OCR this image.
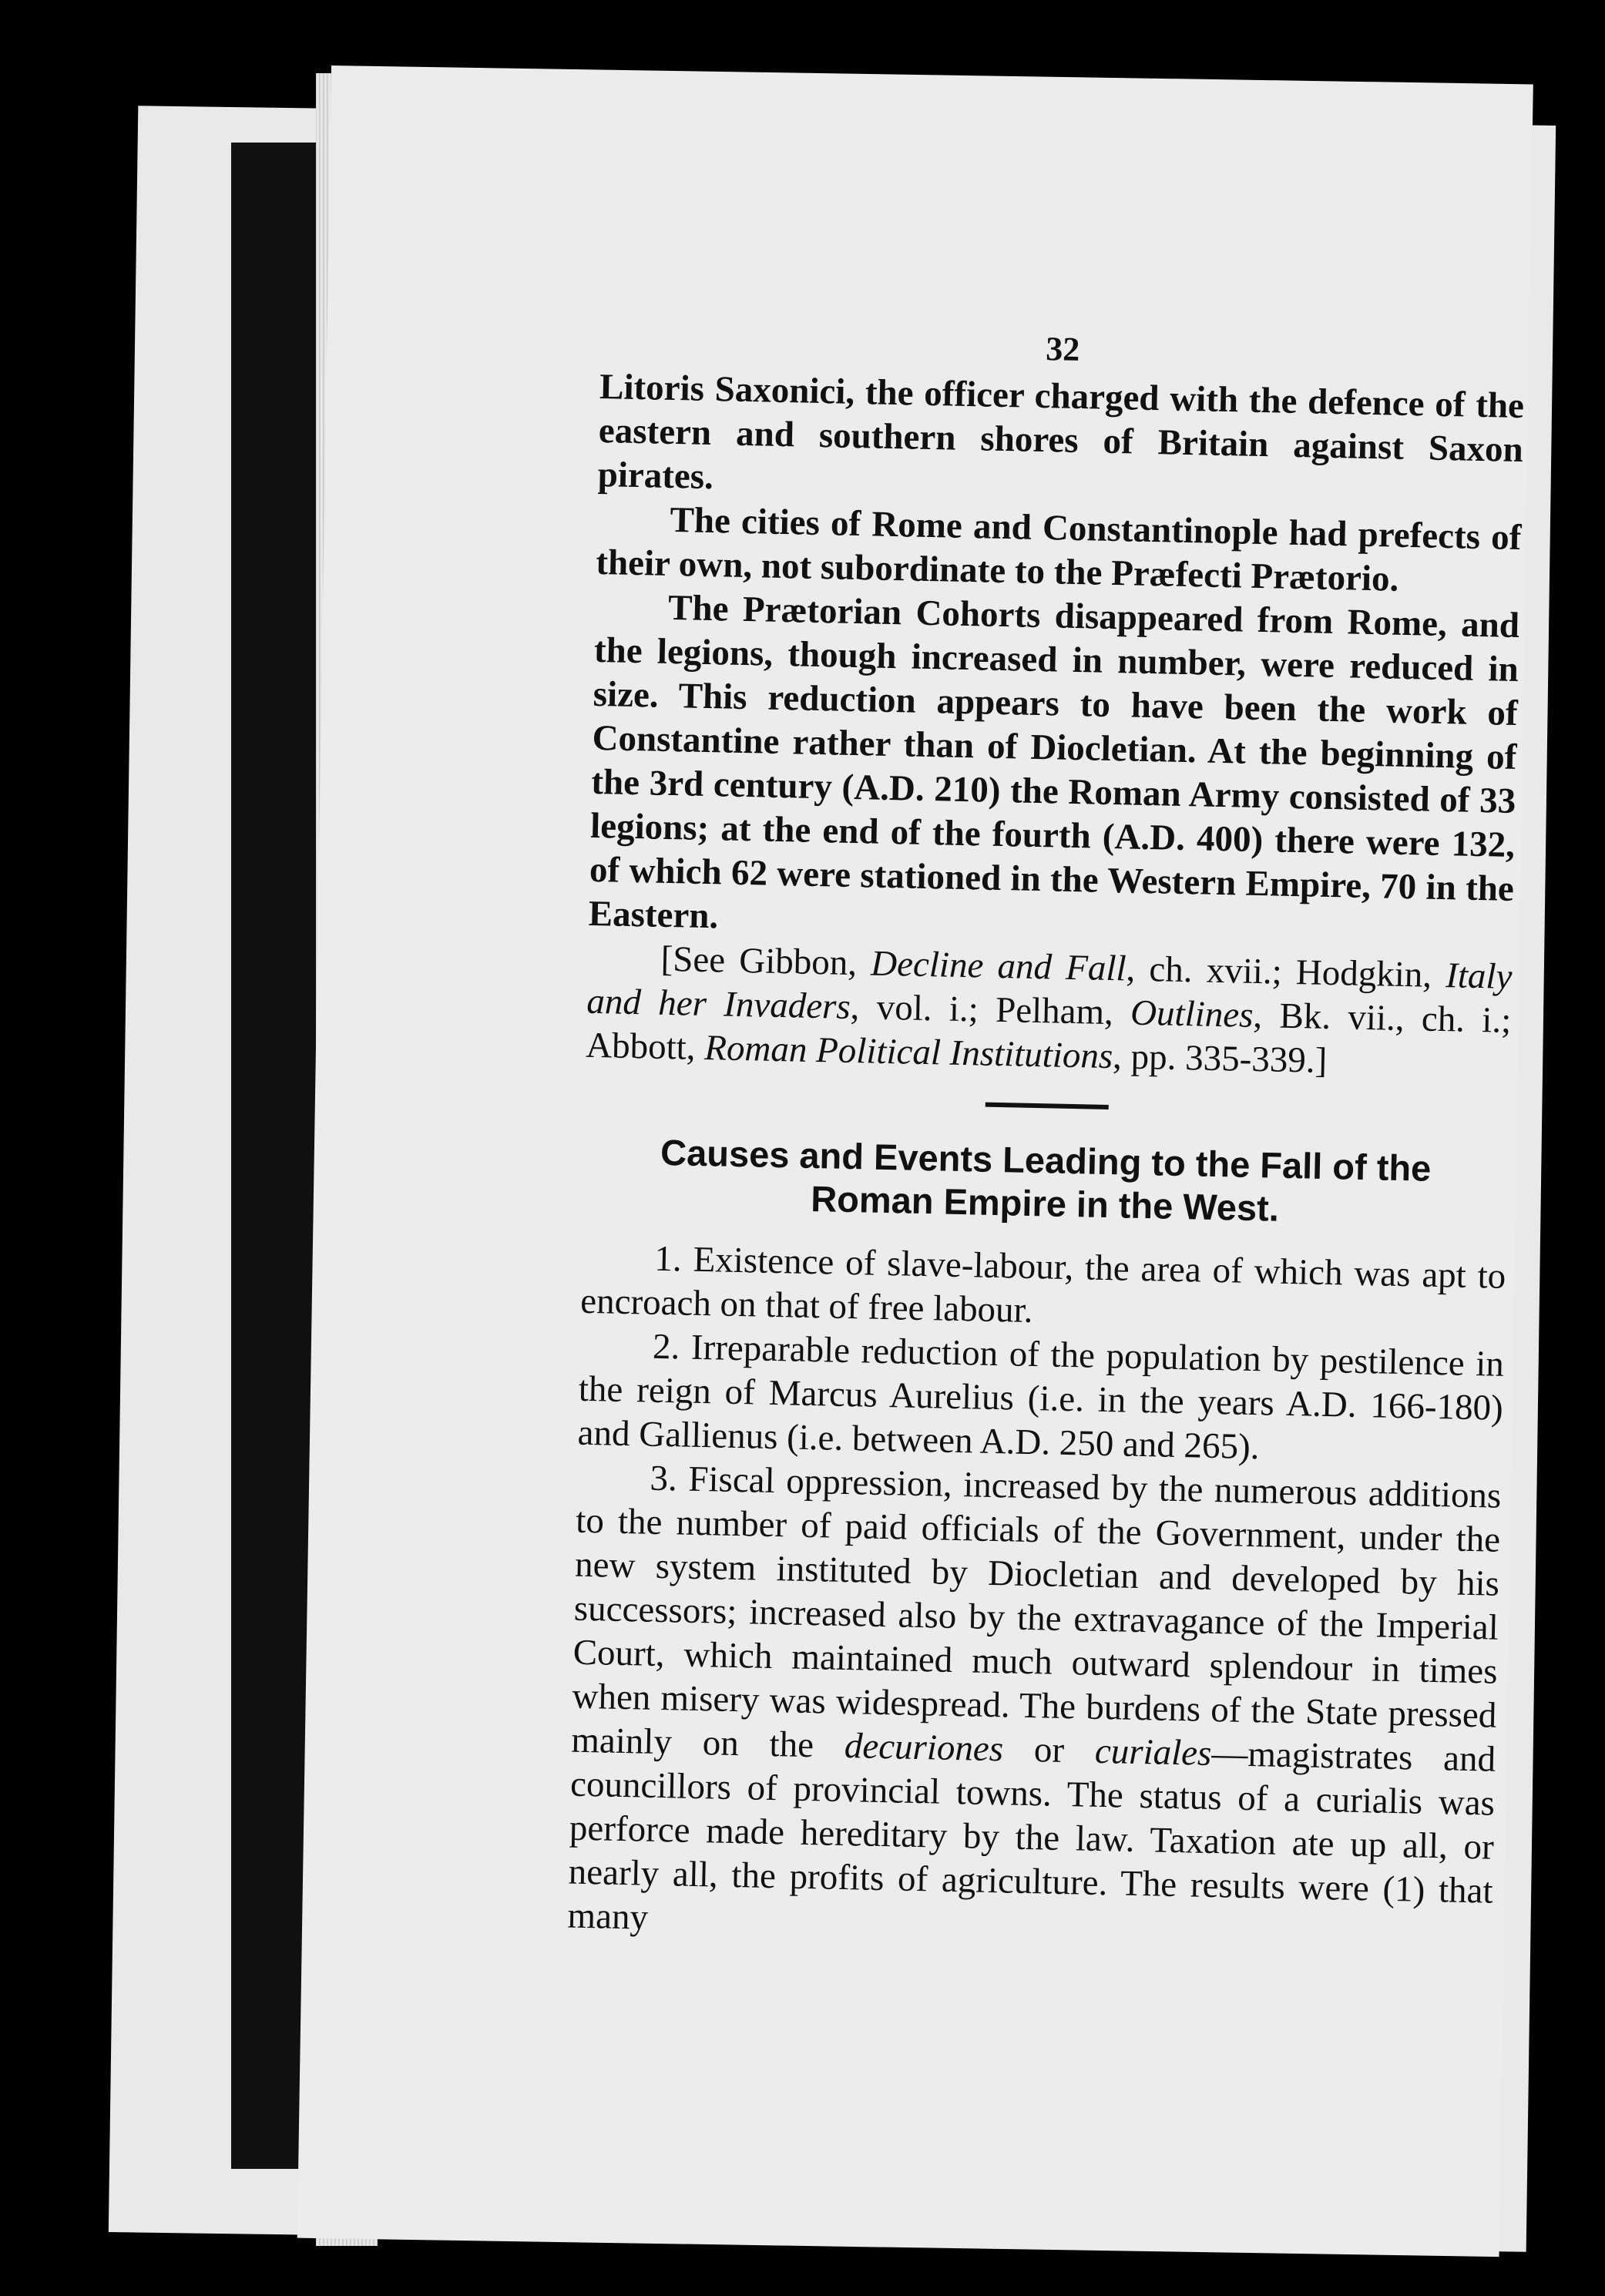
32

Litoris Saxonici, the officer charged with the defence of the eastern and southern shores of Britain against Saxon pirates.

The cities of Rome and Constantinople had prefects of their own, not subordinate to the Præfecti Prætorio.

The Prætorian Cohorts disappeared from Rome, and the legions, though increased in number, were reduced in size. This reduction appears to have been the work of Constantine rather than of Diocletian. At the beginning of the 3rd century (A.D. 210) the Roman Army consisted of 33 legions; at the end of the fourth (A.D. 400) there were 132, of which 62 were stationed in the Western Empire, 70 in the Eastern.

[See Gibbon, Decline and Fall, ch. xvii.; Hodgkin, Italy and her Invaders, vol. i.; Pelham, Outlines, Bk. vii., ch. i.; Abbott, Roman Political Institutions, pp. 335-339.]

Causes and Events Leading to the Fall of the
Roman Empire in the West.

1. Existence of slave-labour, the area of which was apt to encroach on that of free labour.

2. Irreparable reduction of the population by pestilence in the reign of Marcus Aurelius (i.e. in the years A.D. 166-180) and Gallienus (i.e. between A.D. 250 and 265).

3. Fiscal oppression, increased by the numerous additions to the number of paid officials of the Government, under the new system instituted by Diocletian and developed by his successors; increased also by the extravagance of the Imperial Court, which maintained much outward splendour in times when misery was widespread. The burdens of the State pressed mainly on the decuriones or curiales—magistrates and councillors of provincial towns. The status of a curialis was perforce made hereditary by the law. Taxation ate up all, or nearly all, the profits of agriculture. The results were (1) that many
